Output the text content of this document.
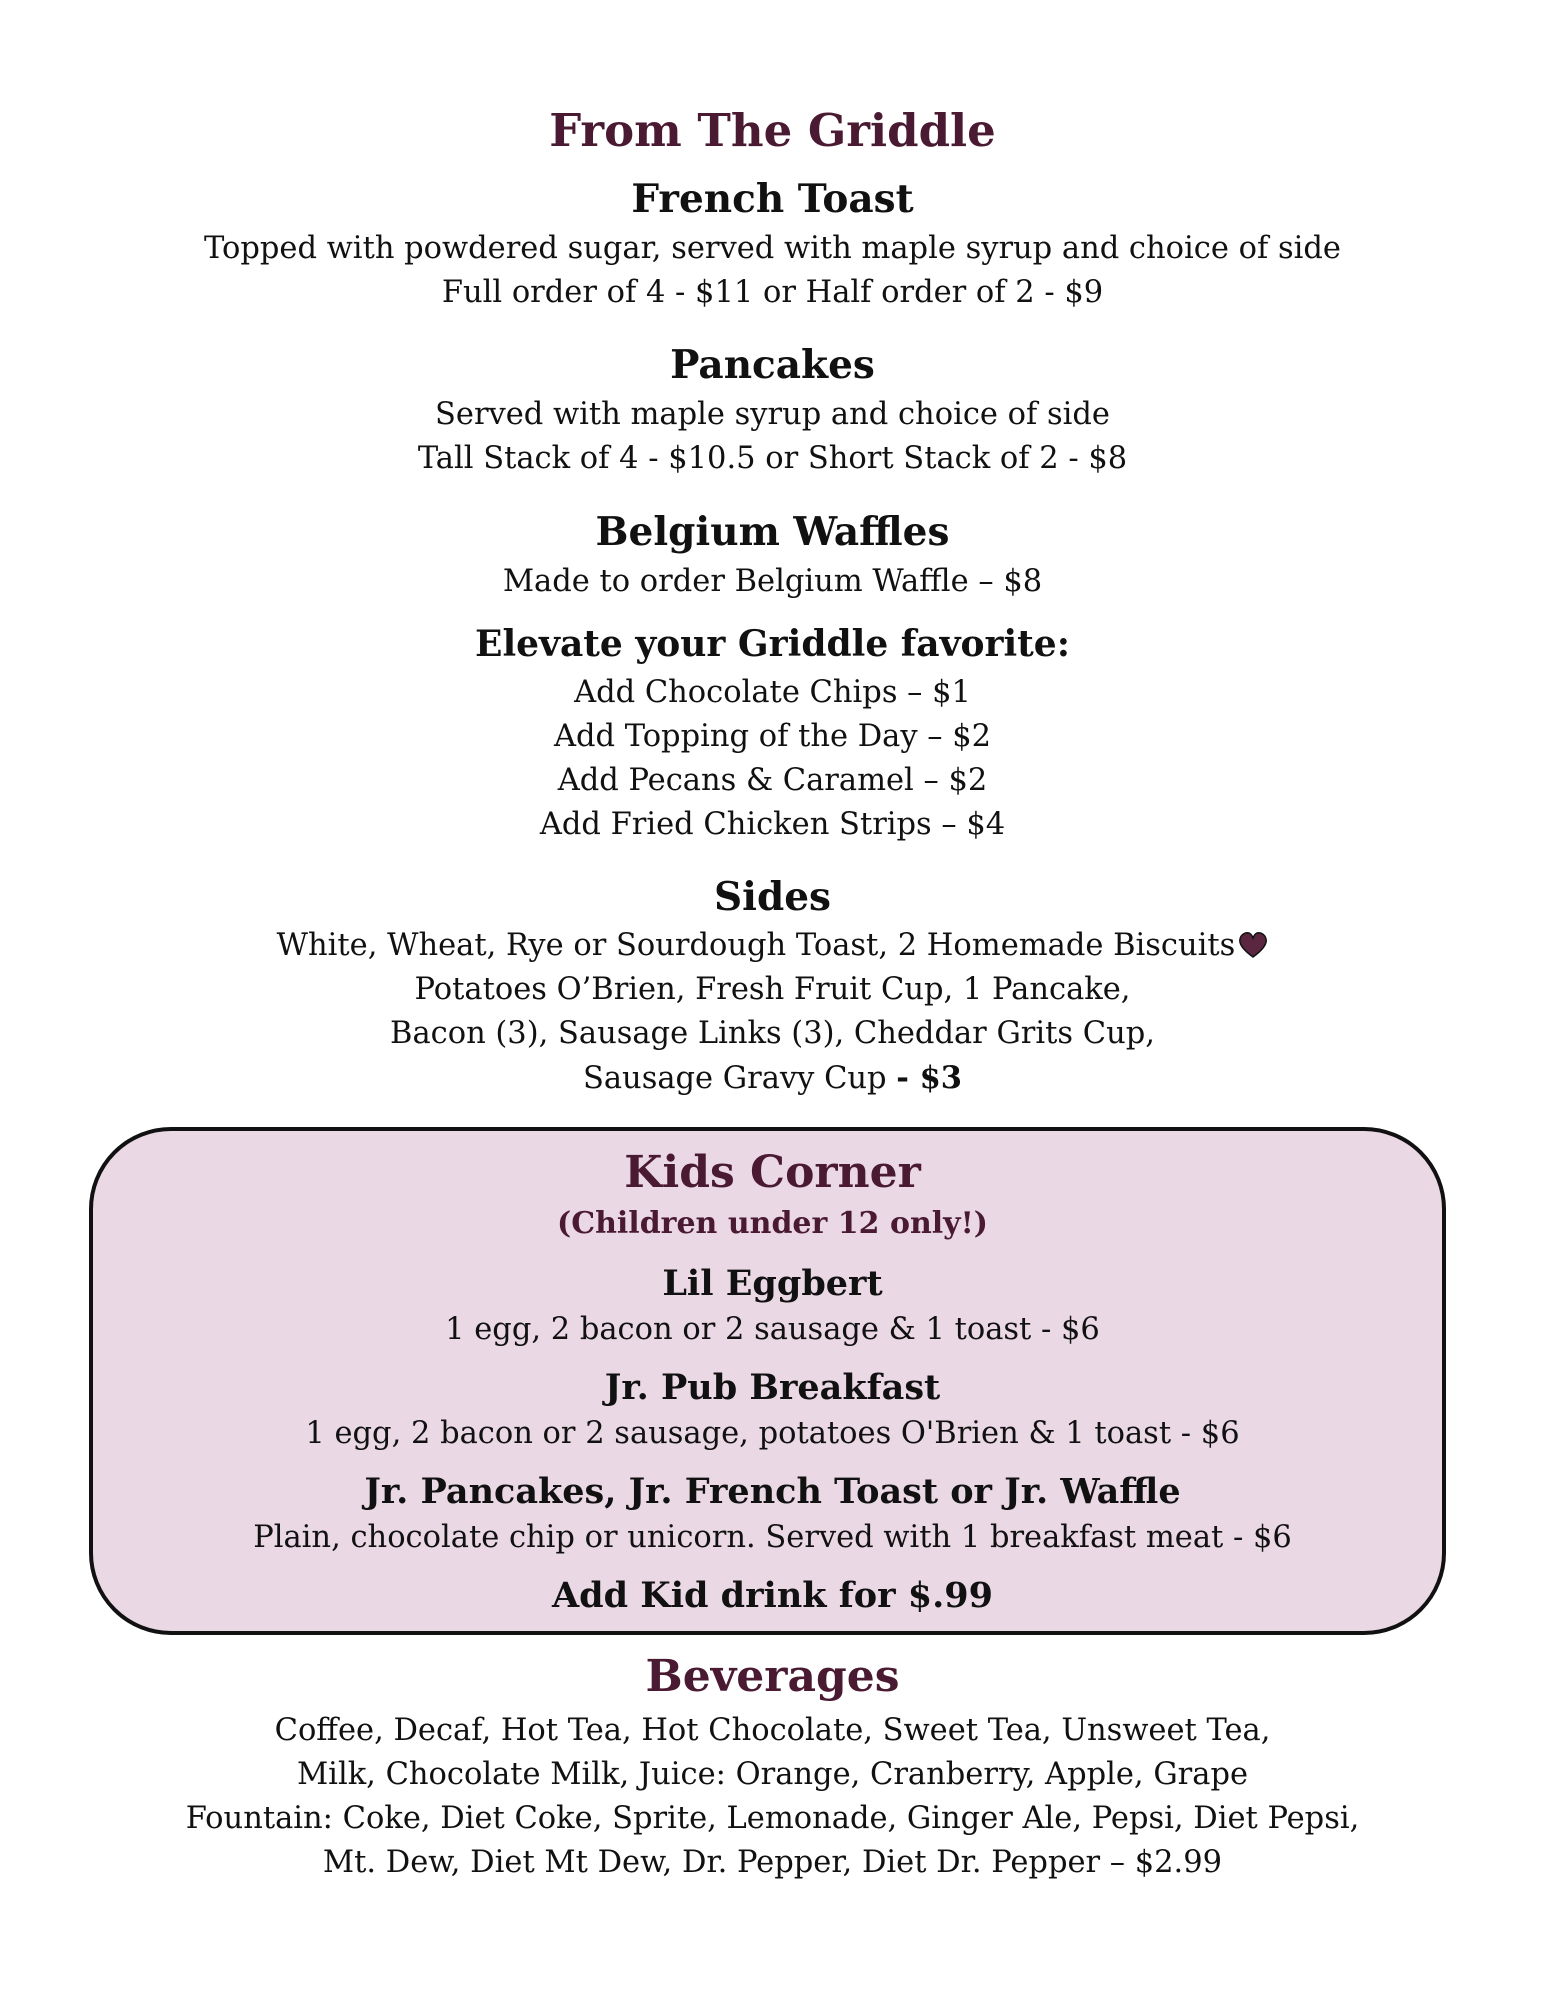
From The Griddle
French Toast

Topped with powdered sugar, served with maple syrup and choice of side

Full order of 4 - $11 or Half order of 2 - $9

Pancakes

Served with maple syrup and choice of side

Tall Stack of 4 - $10.5 or Short Stack of 2 - $8

Belgium Waffles

Made to order Belgium Waffle – $8

Elevate your Griddle favorite:

Add Chocolate Chips – $1

Add Topping of the Day – $2

Add Pecans & Caramel – $2

Add Fried Chicken Strips – $4

Sides

White, Wheat, Rye or Sourdough Toast, 2 Homemade Biscuits

Potatoes O’Brien, Fresh Fruit Cup, 1 Pancake,

Bacon (3), Sausage Links (3), Cheddar Grits Cup,

Sausage Gravy Cup - $3

Kids Corner

(Children under 12 only!)

Lil Eggbert

1 egg, 2 bacon or 2 sausage & 1 toast - $6

Jr. Pub Breakfast

1 egg, 2 bacon or 2 sausage, potatoes O'Brien & 1 toast - $6

Jr. Pancakes, Jr. French Toast or Jr. Waffle

Plain, chocolate chip or unicorn. Served with 1 breakfast meat - $6

Add Kid drink for $.99
Beverages

Coffee, Decaf, Hot Tea, Hot Chocolate, Sweet Tea, Unsweet Tea,

Milk, Chocolate Milk, Juice: Orange, Cranberry, Apple, Grape

Fountain: Coke, Diet Coke, Sprite, Lemonade, Ginger Ale, Pepsi, Diet Pepsi,

Mt. Dew, Diet Mt Dew, Dr. Pepper, Diet Dr. Pepper – $2.99
